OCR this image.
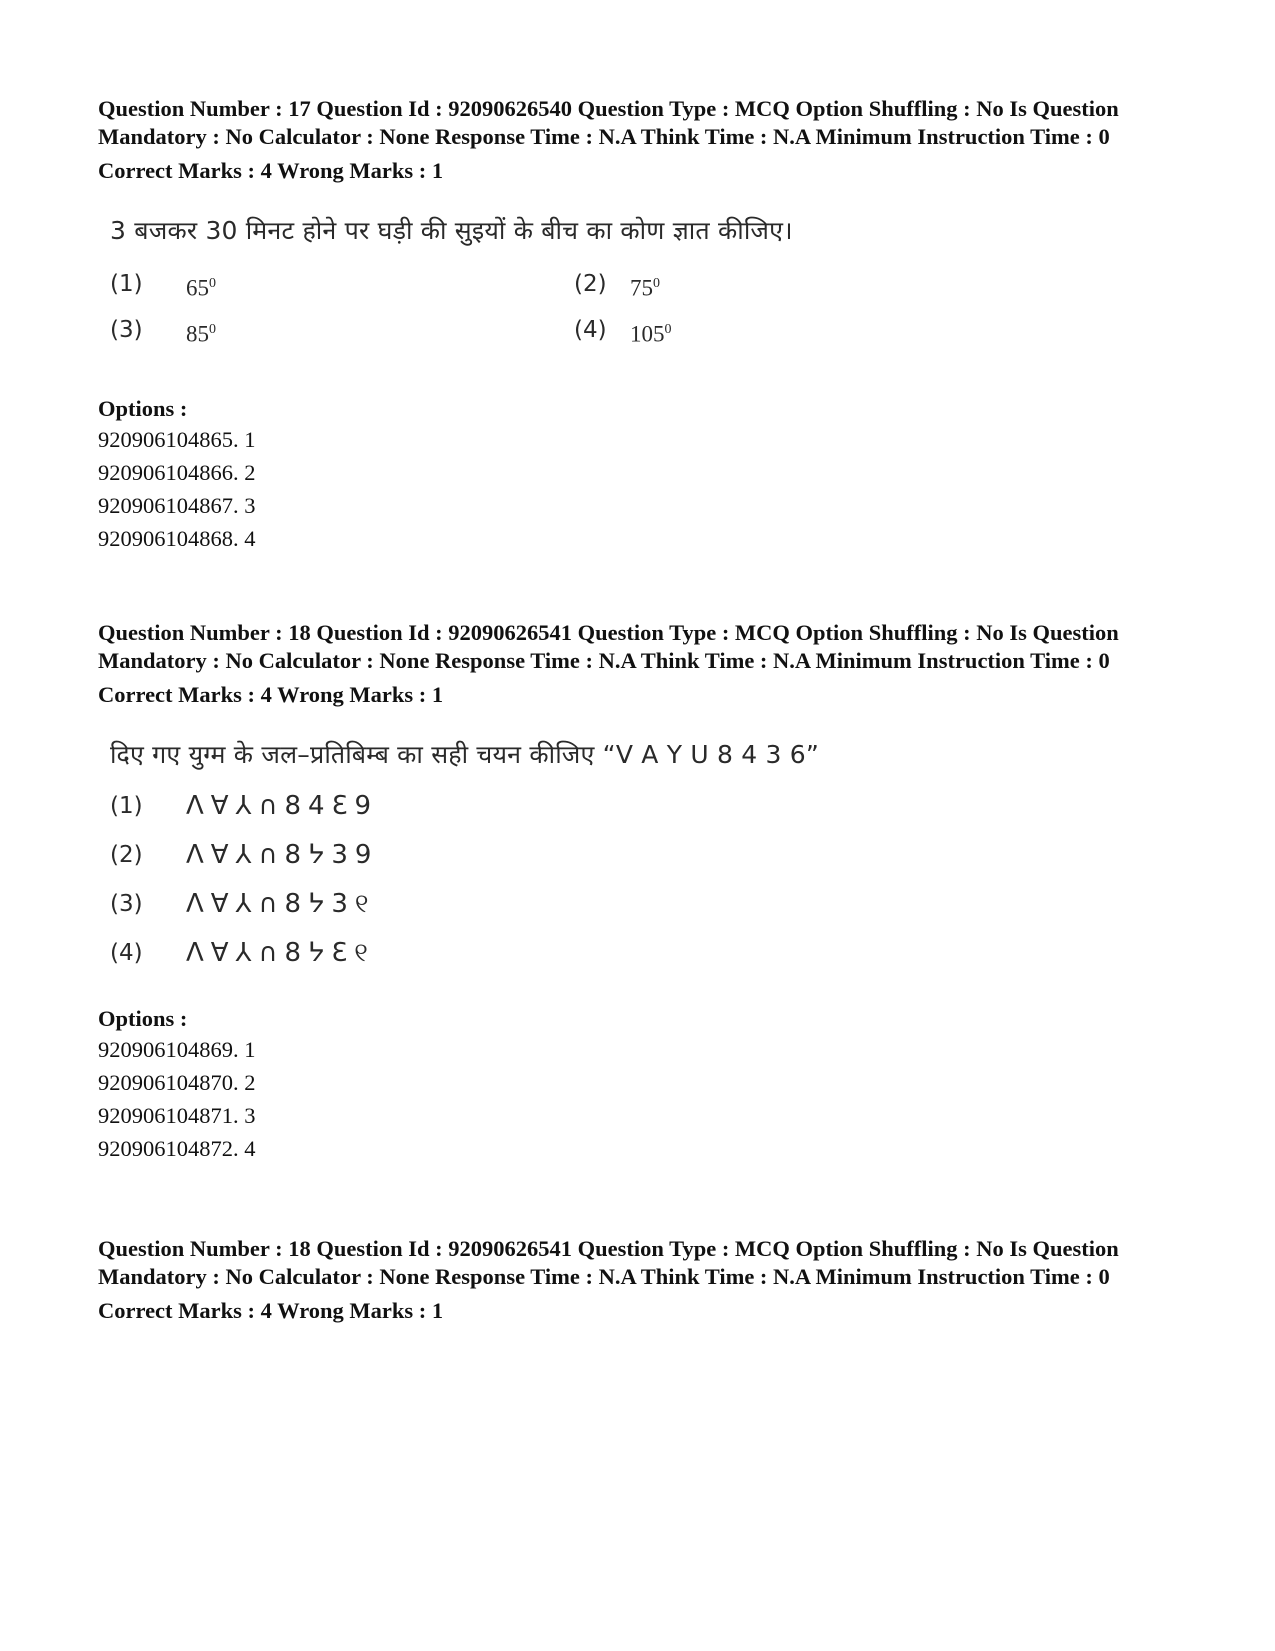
Question Number : 17 Question Id : 92090626540 Question Type : MCQ Option Shuffling : No Is Question Mandatory : No Calculator : None Response Time : N.A Think Time : N.A Minimum Instruction Time : 0

Correct Marks : 4 Wrong Marks : 1
3 बजकर 30 मिनट होने पर घड़ी की सुइयों के बीच का कोण ज्ञात कीजिए।
(1)	$65^0$	(2)	$75^0$
(3)	$85^0$	(4)	$105^0$
Options :
920906104865. 1
920906104866. 2
920906104867. 3
920906104868. 4

Question Number : 18 Question Id : 92090626541 Question Type : MCQ Option Shuffling : No Is Question Mandatory : No Calculator : None Response Time : N.A Think Time : N.A Minimum Instruction Time : 0

Correct Marks : 4 Wrong Marks : 1
दिए गए युग्म के जल–प्रतिबिम्ब का सही चयन कीजिए “V A Y U 8 4 3 6”
(1) Λ∀⅄∩84Ɛ9
(2) Λ∀⅄∩8ᔭ39
(3) Λ∀⅄∩8ᔭ3୧
(4) Λ∀⅄∩8ᔭƐ୧
Options :
920906104869. 1
920906104870. 2
920906104871. 3
920906104872. 4

Question Number : 18 Question Id : 92090626541 Question Type : MCQ Option Shuffling : No Is Question Mandatory : No Calculator : None Response Time : N.A Think Time : N.A Minimum Instruction Time : 0

Correct Marks : 4 Wrong Marks : 1
